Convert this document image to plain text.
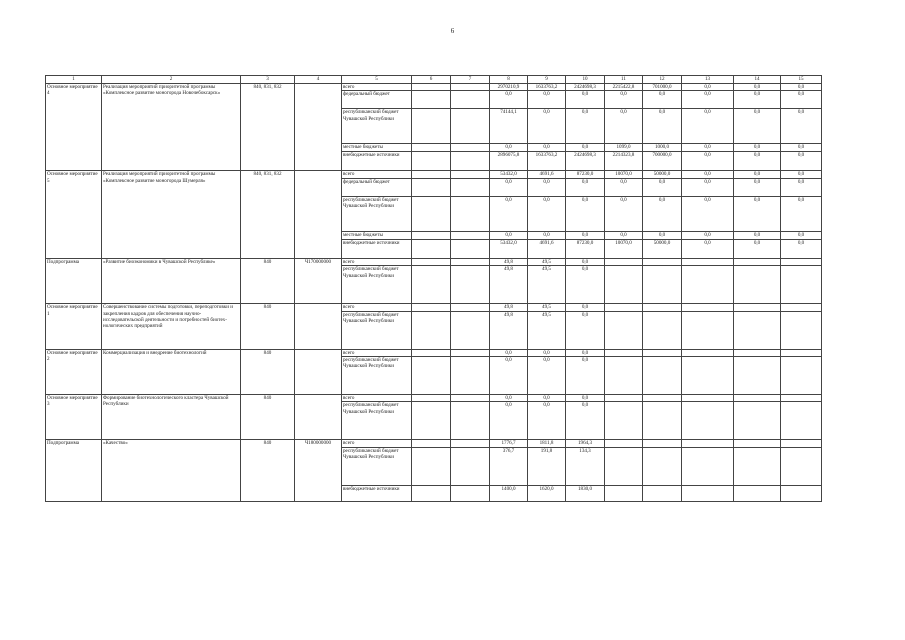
6
1	2	3	4	5	6	7	8	9	10	11	12	13	14	15
Основное мероприятие 4	Реализация мероприятий приоритетной программы «Комплексное развитие моногорода Новочебоксарск»	840, 831, 832		всего			2970210,9	1633763,2	2424698,3	2215422,8	701000,0	0,0	0,0	0,0
				федеральный бюджет			0,0	0,0	0,0	0,0	0,0	0,0	0,0	0,0
				республиканский бюджет Чувашской Республики			74144,1	0,0	0,0	0,0	0,0	0,0	0,0	0,0
				местные бюджеты			0,0	0,0	0,0	1099,0	1000,0	0,0	0,0	0,0
				внебюджетные источники			2896075,8	1633763,2	2424698,3	2214323,8	700000,0	0,0	0,0	0,0
Основное мероприятие 5	Реализация мероприятий приоритетной программы «Комплексное развитие моногорода Шумерля»	840, 831, 832		всего			53432,0	4691,6	87230,0	10070,0	50000,0	0,0	0,0	0,0
				федеральный бюджет			0,0	0,0	0,0	0,0	0,0	0,0	0,0	0,0
				республиканский бюджет Чувашской Республики			0,0	0,0	0,0	0,0	0,0	0,0	0,0	0,0
				местные бюджеты			0,0	0,0	0,0	0,0	0,0	0,0	0,0	0,0
				внебюджетные источники			53432,0	4691,6	87230,0	10070,0	50000,0	0,0	0,0	0,0
Подпрограмма	«Развитие биоэкономики в Чувашской Республике»	840	Ч170000000	всего			49,8	49,5	0,0					
				республиканский бюджет Чувашской Республики			49,8	49,5	0,0					
Основное мероприятие 1	Совершенствование системы подготовки, переподготовки и закрепления кадров для обеспечения научно-исследовательской деятельности и потребностей биотех-нологических предприятий	840		всего			49,8	49,5	0,0					
				республиканский бюджет Чувашской Республики			49,8	49,5	0,0					
Основное мероприятие 2	Коммерциализация и внедрение биотехнологий	840		всего			0,0	0,0	0,0					
				республиканский бюджет Чувашской Республики			0,0	0,0	0,0					
Основное мероприятие 3	Формирование биотехнологического кластера Чувашской Республики	840		всего			0,0	0,0	0,0					
				республиканский бюджет Чувашской Республики			0,0	0,0	0,0					
Подпрограмма	«Качество»	840	Ч180000000	всего			1776,7	1811,8	1964,3					
				республиканский бюджет Чувашской Республики			376,7	191,8	134,3					
				внебюджетные источники			1400,0	1620,0	1830,0					
